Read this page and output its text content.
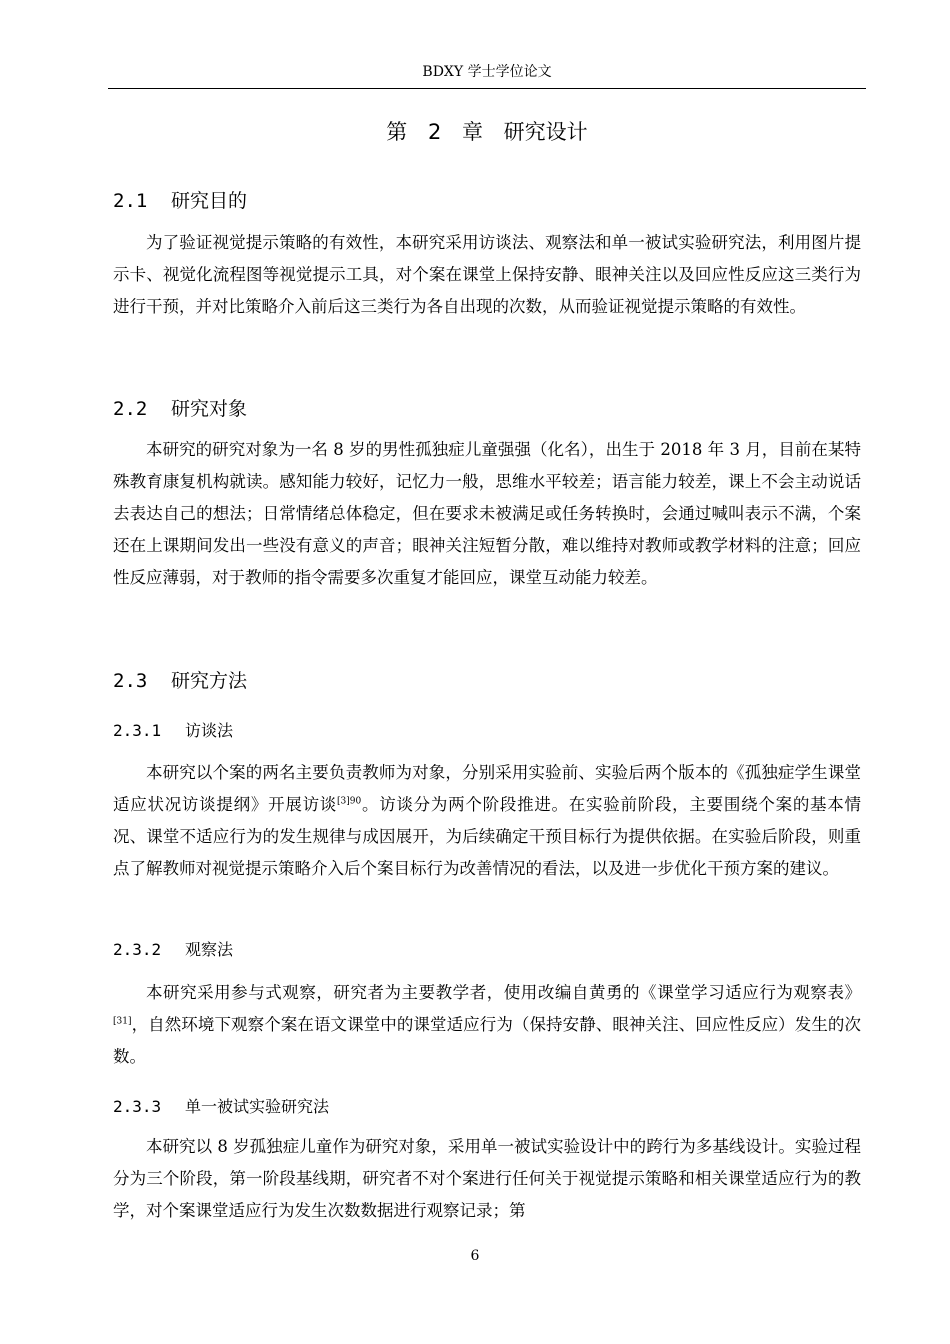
BDXY 学士学位论文
第 2 章 研究设计
2.1 研究目的

为了验证视觉提示策略的有效性，本研究采用访谈法、观察法和单一被试实验研究法，利用图片提示卡、视觉化流程图等视觉提示工具，对个案在课堂上保持安静、眼神关注以及回应性反应这三类行为进行干预，并对比策略介入前后这三类行为各自出现的次数，从而验证视觉提示策略的有效性。

2.2 研究对象

本研究的研究对象为一名 8 岁的男性孤独症儿童强强（化名），出生于 2018 年 3 月，目前在某特殊教育康复机构就读。感知能力较好，记忆力一般，思维水平较差；语言能力较差，课上不会主动说话去表达自己的想法；日常情绪总体稳定，但在要求未被满足或任务转换时，会通过喊叫表示不满，个案还在上课期间发出一些没有意义的声音；眼神关注短暂分散，难以维持对教师或教学材料的注意；回应性反应薄弱，对于教师的指令需要多次重复才能回应，课堂互动能力较差。

2.3 研究方法
2.3.1 访谈法

本研究以个案的两名主要负责教师为对象，分别采用实验前、实验后两个版本的《孤独症学生课堂适应状况访谈提纲》开展访谈$^{[3]90}$。访谈分为两个阶段推进。在实验前阶段，主要围绕个案的基本情况、课堂不适应行为的发生规律与成因展开，为后续确定干预目标行为提供依据。在实验后阶段，则重点了解教师对视觉提示策略介入后个案目标行为改善情况的看法，以及进一步优化干预方案的建议。

2.3.2 观察法

本研究采用参与式观察，研究者为主要教学者，使用改编自黄勇的《课堂学习适应行为观察表》[31]，自然环境下观察个案在语文课堂中的课堂适应行为（保持安静、眼神关注、回应性反应）发生的次数。

2.3.3 单一被试实验研究法

本研究以 8 岁孤独症儿童作为研究对象，采用单一被试实验设计中的跨行为多基线设计。实验过程分为三个阶段，第一阶段基线期，研究者不对个案进行任何关于视觉提示策略和相关课堂适应行为的教学，对个案课堂适应行为发生次数数据进行观察记录；第

6
